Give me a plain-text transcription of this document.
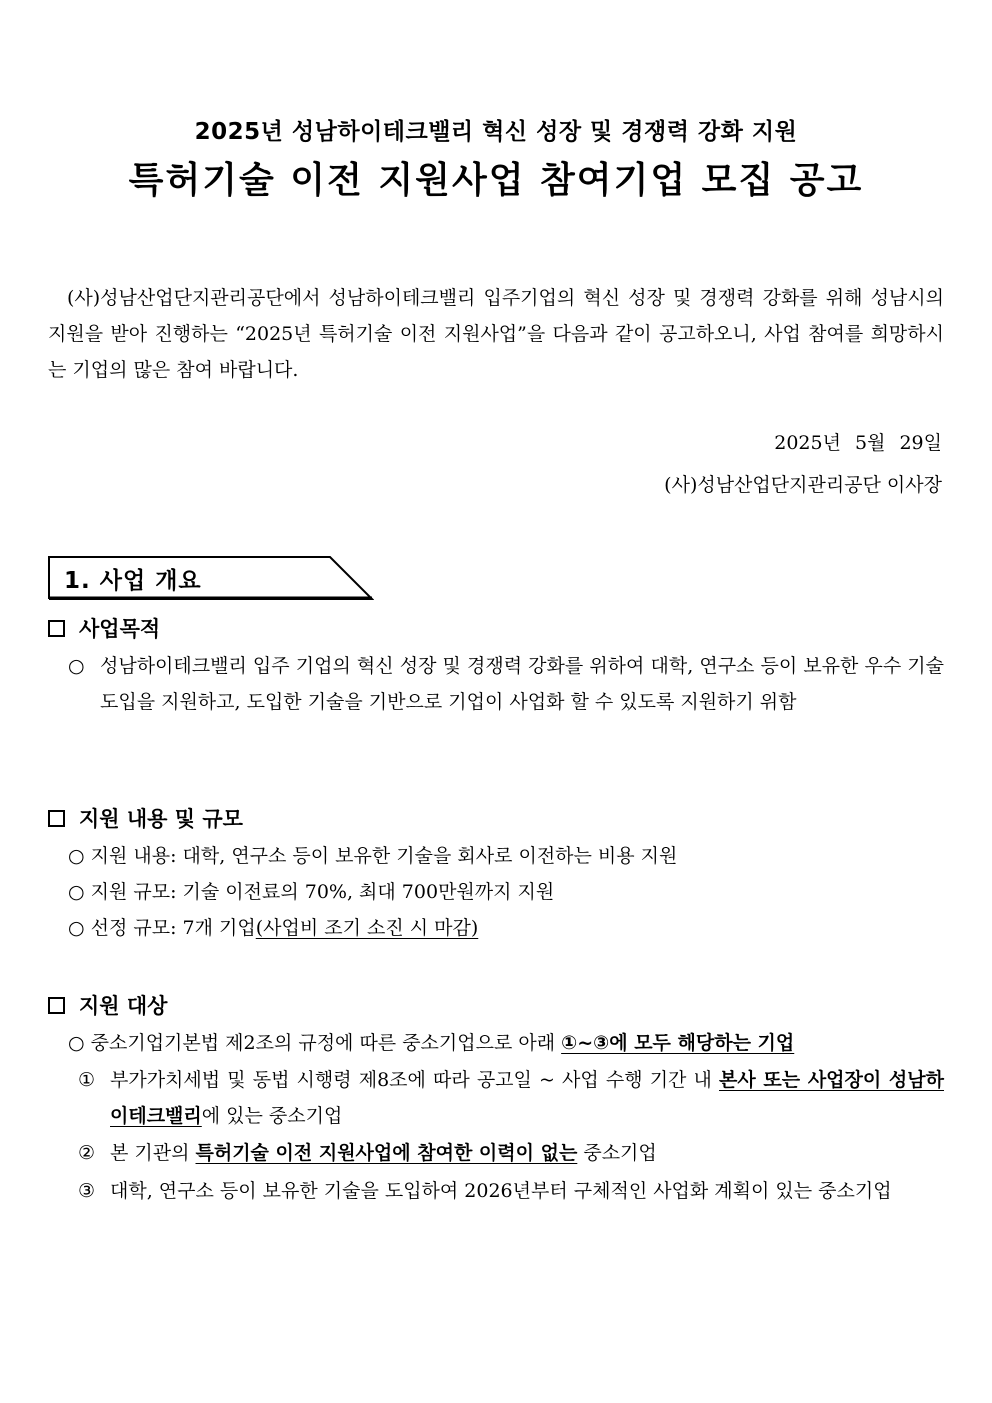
2025년 성남하이테크밸리 혁신 성장 및 경쟁력 강화 지원
특허기술 이전 지원사업 참여기업 모집 공고
(사)성남산업단지관리공단에서 성남하이테크밸리 입주기업의 혁신 성장 및 경쟁력 강화를 위해 성남시의 지원을 받아 진행하는 “2025년 특허기술 이전 지원사업”을 다음과 같이 공고하오니, 사업 참여를 희망하시는 기업의 많은 참여 바랍니다.
2025년 5월 29일
(사)성남산업단지관리공단 이사장
1. 사업 개요
사업목적
○ 성남하이테크밸리 입주 기업의 혁신 성장 및 경쟁력 강화를 위하여 대학, 연구소 등이 보유한 우수 기술 도입을 지원하고, 도입한 기술을 기반으로 기업이 사업화 할 수 있도록 지원하기 위함
지원 내용 및 규모
○ 지원 내용: 대학, 연구소 등이 보유한 기술을 회사로 이전하는 비용 지원
○ 지원 규모: 기술 이전료의 70%, 최대 700만원까지 지원
○ 선정 규모: 7개 기업(사업비 조기 소진 시 마감)
지원 대상
○ 중소기업기본법 제2조의 규정에 따른 중소기업으로 아래 ①~③에 모두 해당하는 기업
① 부가가치세법 및 동법 시행령 제8조에 따라 공고일 ~ 사업 수행 기간 내 본사 또는 사업장이 성남하이테크밸리에 있는 중소기업
② 본 기관의 특허기술 이전 지원사업에 참여한 이력이 없는 중소기업
③ 대학, 연구소 등이 보유한 기술을 도입하여 2026년부터 구체적인 사업화 계획이 있는 중소기업
